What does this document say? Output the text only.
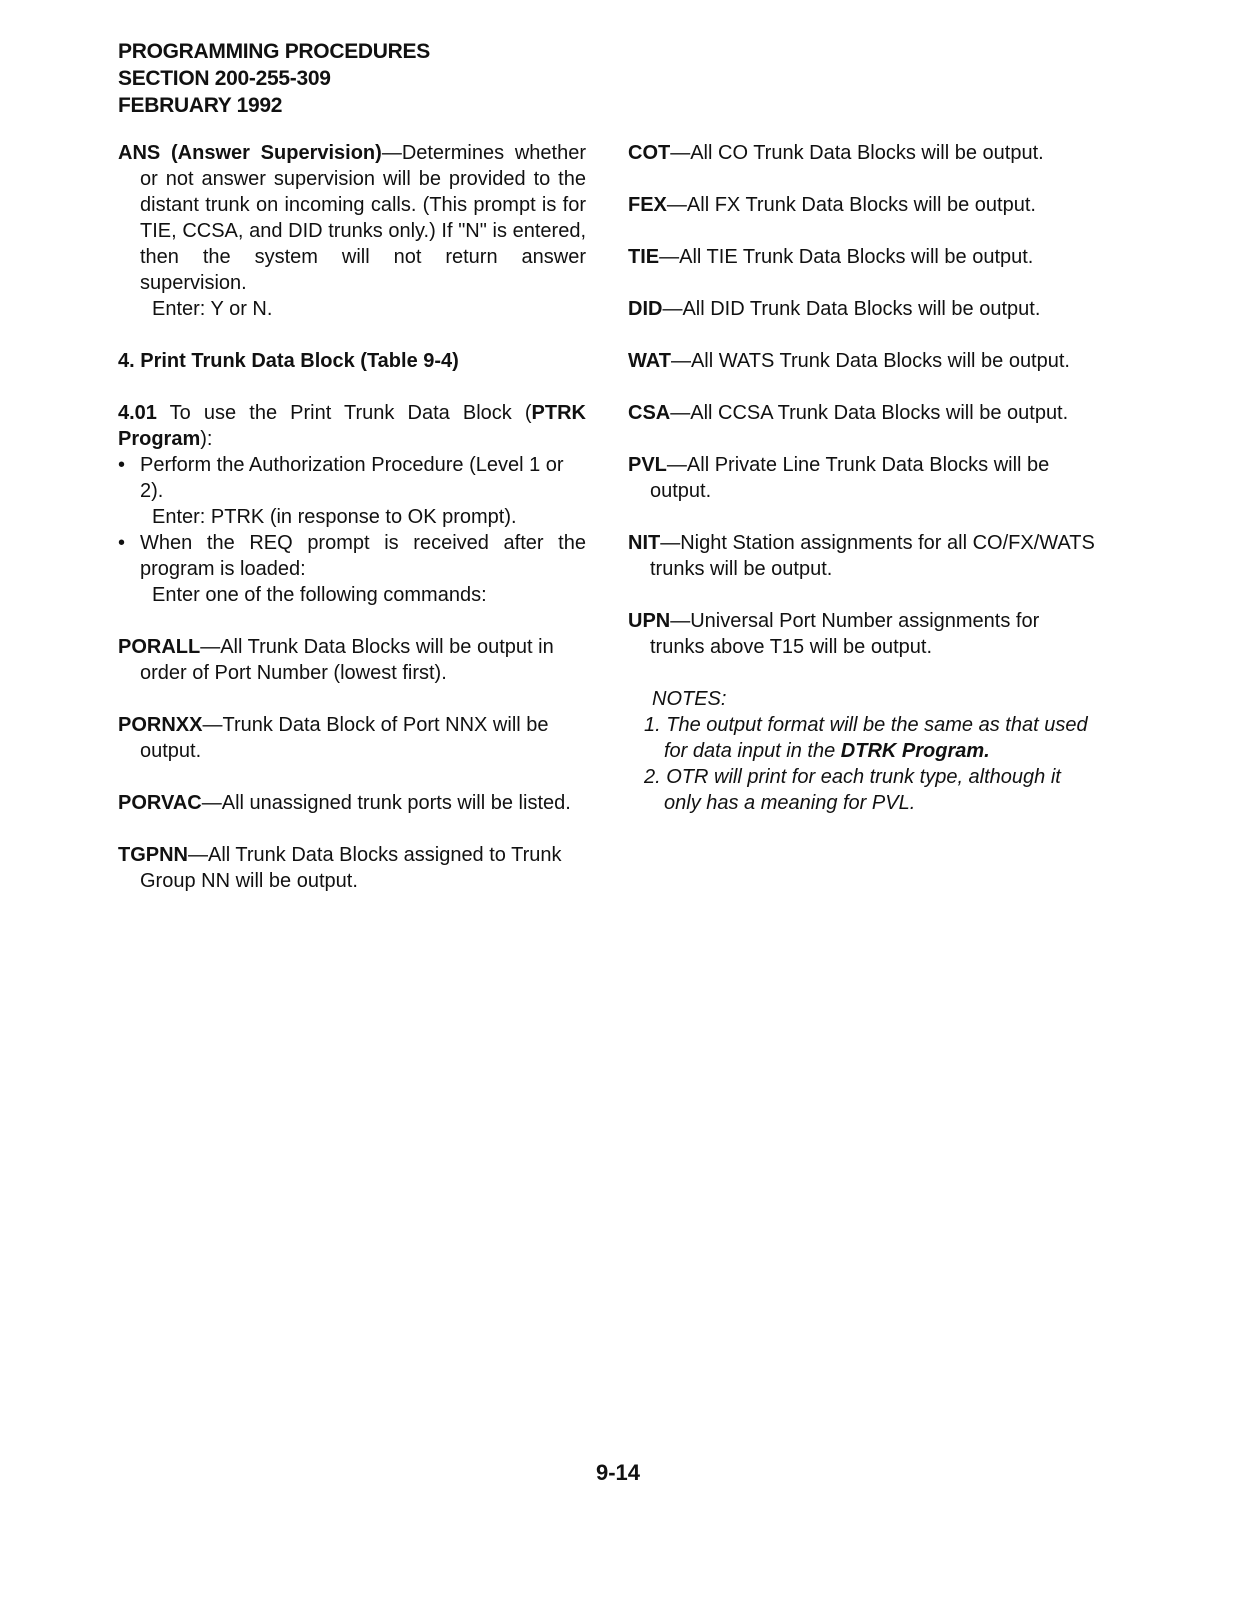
PROGRAMMING PROCEDURES
SECTION 200-255-309
FEBRUARY 1992

ANS (Answer Supervision)—Determines whether or not answer supervision will be provided to the distant trunk on incoming calls. (This prompt is for TIE, CCSA, and DID trunks only.) If "N" is entered, then the system will not return answer supervision.

Enter: Y or N.

4. Print Trunk Data Block (Table 9-4)

4.01 To use the Print Trunk Data Block (PTRK Program):

• Perform the Authorization Procedure (Level 1 or 2).

Enter: PTRK (in response to OK prompt).

• When the REQ prompt is received after the program is loaded:

Enter one of the following commands:

PORALL—All Trunk Data Blocks will be output in order of Port Number (lowest first).

PORNXX—Trunk Data Block of Port NNX will be output.

PORVAC—All unassigned trunk ports will be listed.

TGPNN—All Trunk Data Blocks assigned to Trunk Group NN will be output.

COT—All CO Trunk Data Blocks will be output.

FEX—All FX Trunk Data Blocks will be output.

TIE—All TIE Trunk Data Blocks will be output.

DID—All DID Trunk Data Blocks will be output.

WAT—All WATS Trunk Data Blocks will be output.

CSA—All CCSA Trunk Data Blocks will be output.

PVL—All Private Line Trunk Data Blocks will be output.

NIT—Night Station assignments for all CO/FX/WATS trunks will be output.

UPN—Universal Port Number assignments for trunks above T15 will be output.

NOTES:

1. The output format will be the same as that used for data input in the DTRK Program.

2. OTR will print for each trunk type, although it only has a meaning for PVL.

9-14
